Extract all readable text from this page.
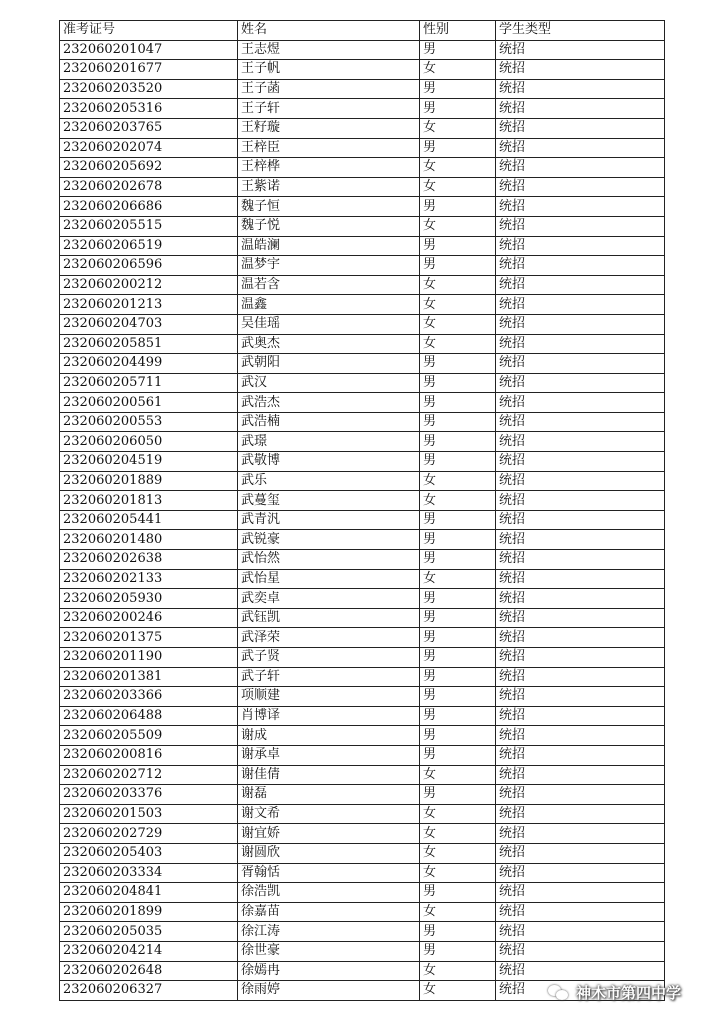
准考证号	姓名	性别	学生类型
232060201047	王志煜	男	统招
232060201677	王子帆	女	统招
232060203520	王子菡	男	统招
232060205316	王子轩	男	统招
232060203765	王籽璇	女	统招
232060202074	王梓臣	男	统招
232060205692	王梓桦	女	统招
232060202678	王紫诺	女	统招
232060206686	魏子恒	男	统招
232060205515	魏子悦	女	统招
232060206519	温皓澜	男	统招
232060206596	温梦宇	男	统招
232060200212	温若含	女	统招
232060201213	温鑫	女	统招
232060204703	吴佳瑶	女	统招
232060205851	武奥杰	女	统招
232060204499	武朝阳	男	统招
232060205711	武汉	男	统招
232060200561	武浩杰	男	统招
232060200553	武浩楠	男	统招
232060206050	武璟	男	统招
232060204519	武敬博	男	统招
232060201889	武乐	女	统招
232060201813	武蔓玺	女	统招
232060205441	武青汎	男	统招
232060201480	武锐豪	男	统招
232060202638	武怡然	男	统招
232060202133	武怡星	女	统招
232060205930	武奕卓	男	统招
232060200246	武钰凯	男	统招
232060201375	武泽荣	男	统招
232060201190	武子贤	男	统招
232060201381	武子轩	男	统招
232060203366	项顺建	男	统招
232060206488	肖博译	男	统招
232060205509	谢成	男	统招
232060200816	谢承卓	男	统招
232060202712	谢佳倩	女	统招
232060203376	谢磊	男	统招
232060201503	谢文希	女	统招
232060202729	谢宜娇	女	统招
232060205403	谢圆欣	女	统招
232060203334	胥翰恬	女	统招
232060204841	徐浩凯	男	统招
232060201899	徐嘉苗	女	统招
232060205035	徐江涛	男	统招
232060204214	徐世豪	男	统招
232060202648	徐嫣冉	女	统招
232060206327	徐雨婷	女	统招	神木市第四中学
